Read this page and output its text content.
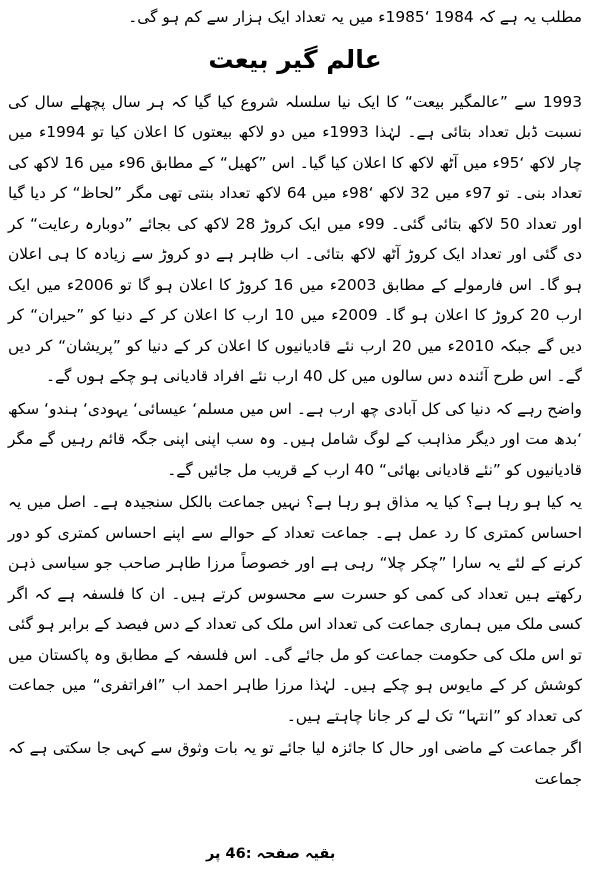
مطلب یہ ہے کہ 1984 ‘1985ء میں یہ تعداد ایک ہزار سے کم ہو گی۔

عالم گیر بیعت

1993 سے ”عالمگیر بیعت“ کا ایک نیا سلسلہ شروع کیا گیا کہ ہر سال پچھلے سال کی نسبت ڈبل تعداد بتائی ہے۔ لہٰذا 1993ء میں دو لاکھ بیعتوں کا اعلان کیا تو 1994ء میں چار لاکھ ‘95ء میں آٹھ لاکھ کا اعلان کیا گیا۔ اس ”کھیل“ کے مطابق 96ء میں 16 لاکھ کی تعداد بنی۔ تو 97ء میں 32 لاکھ ‘98ء میں 64 لاکھ تعداد بنتی تھی مگر ”لحاظ“ کر دیا گیا اور تعداد 50 لاکھ بتائی گئی۔ 99ء میں ایک کروڑ 28 لاکھ کی بجائے ”دوبارہ رعایت“ کر دی گئی اور تعداد ایک کروڑ آٹھ لاکھ بتائی۔ اب ظاہر ہے دو کروڑ سے زیادہ کا ہی اعلان ہو گا۔ اس فارمولے کے مطابق 2003ء میں 16 کروڑ کا اعلان ہو گا تو 2006ء میں ایک ارب 20 کروڑ کا اعلان ہو گا۔ 2009ء میں 10 ارب کا اعلان کر کے دنیا کو ”حیران“ کر دیں گے جبکہ 2010ء میں 20 ارب نئے قادیانیوں کا اعلان کر کے دنیا کو ”پریشان“ کر دیں گے۔ اس طرح آئندہ دس سالوں میں کل 40 ارب نئے افراد قادیانی ہو چکے ہوں گے۔

واضح رہے کہ دنیا کی کل آبادی چھ ارب ہے۔ اس میں مسلم‘ عیسائی‘ یہودی‘ ہندو‘ سکھ ‘بدھ مت اور دیگر مذاہب کے لوگ شامل ہیں۔ وہ سب اپنی اپنی جگہ قائم رہیں گے مگر قادیانیوں کو ”نئے قادیانی بھائی“ 40 ارب کے قریب مل جائیں گے۔

یہ کیا ہو رہا ہے؟ کیا یہ مذاق ہو رہا ہے؟ نہیں جماعت بالکل سنجیدہ ہے۔ اصل میں یہ احساس کمتری کا رد عمل ہے۔ جماعت تعداد کے حوالے سے اپنے احساس کمتری کو دور کرنے کے لئے یہ سارا ”چکر چلا“ رہی ہے اور خصوصاً مرزا طاہر صاحب جو سیاسی ذہن رکھتے ہیں تعداد کی کمی کو حسرت سے محسوس کرتے ہیں۔ ان کا فلسفہ ہے کہ اگر کسی ملک میں ہماری جماعت کی تعداد اس ملک کی تعداد کے دس فیصد کے برابر ہو گئی تو اس ملک کی حکومت جماعت کو مل جائے گی۔ اس فلسفہ کے مطابق وہ پاکستان میں کوشش کر کے مایوس ہو چکے ہیں۔ لہٰذا مرزا طاہر احمد اب ”افراتفری“ میں جماعت کی تعداد کو ”انتہا“ تک لے کر جانا چاہتے ہیں۔

اگر جماعت کے ماضی اور حال کا جائزہ لیا جائے تو یہ بات وثوق سے کہی جا سکتی ہے کہ جماعت

بقیہ صفحہ :46 پر
